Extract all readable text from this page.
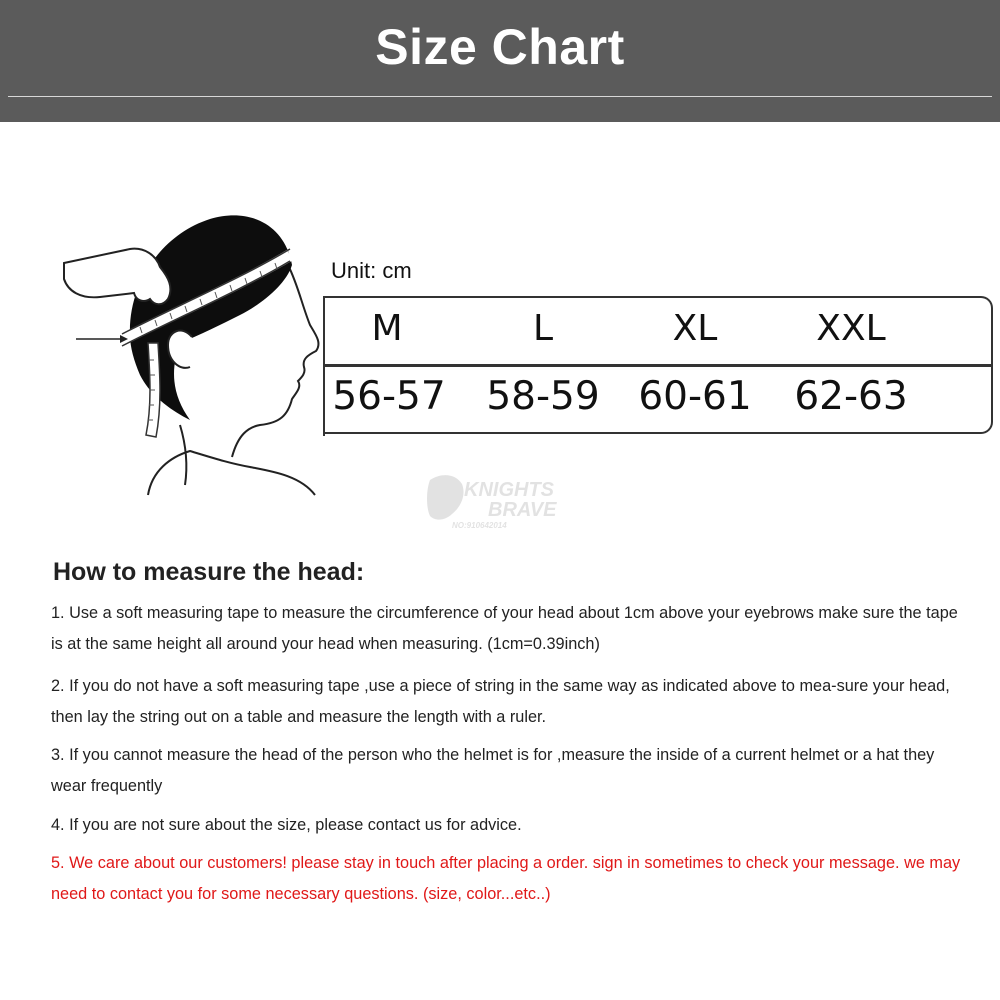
Size Chart
Unit: cm
M	L	XL	XXL
56-57 58-59 60-61 62-63
KNIGHTS
BRAVE
NO:910642014
How to measure the head:
1. Use a soft measuring tape to measure the circumference of your head about 1cm above your eyebrows make sure the tape is at the same height all around your head when measuring. (1cm=0.39inch)
2. If you do not have a soft measuring tape ,use a piece of string in the same way as indicated above to mea-sure your head, then lay the string out on a table and measure the length with a ruler.
3. If you cannot measure the head of the person who the helmet is for ,measure the inside of a current helmet or a hat they wear frequently
4. If you are not sure about the size, please contact us for advice.
5. We care about our customers! please stay in touch after placing a order. sign in sometimes to check your message. we may need to contact you for some necessary questions. (size, color...etc..)
